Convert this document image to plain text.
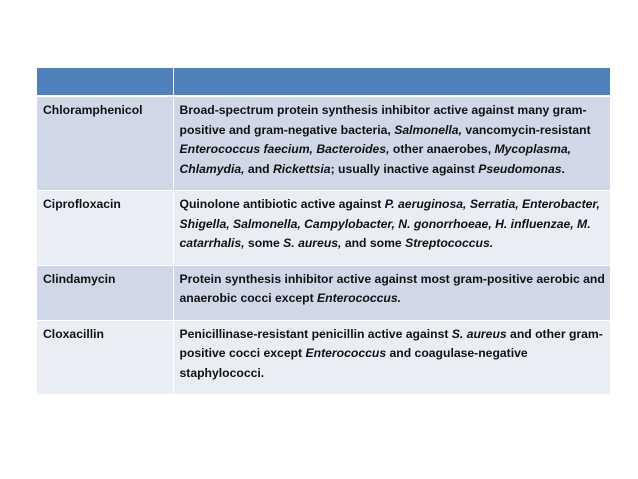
Chloramphenicol	Broad-spectrum protein synthesis inhibitor active against many gram-positive and gram-negative bacteria, Salmonella, vancomycin-resistant Enterococcus faecium, Bacteroides, other anaerobes, Mycoplasma, Chlamydia, and Rickettsia; usually inactive against Pseudomonas.
Ciprofloxacin	Quinolone antibiotic active against P. aeruginosa, Serratia, Enterobacter, Shigella, Salmonella, Campylobacter, N. gonorrhoeae, H. influenzae, M. catarrhalis, some S. aureus, and some Streptococcus.
Clindamycin	Protein synthesis inhibitor active against most gram-positive aerobic and anaerobic cocci except Enterococcus.
Cloxacillin	Penicillinase-resistant penicillin active against S. aureus and other gram-positive cocci except Enterococcus and coagulase-negative staphylococci.
